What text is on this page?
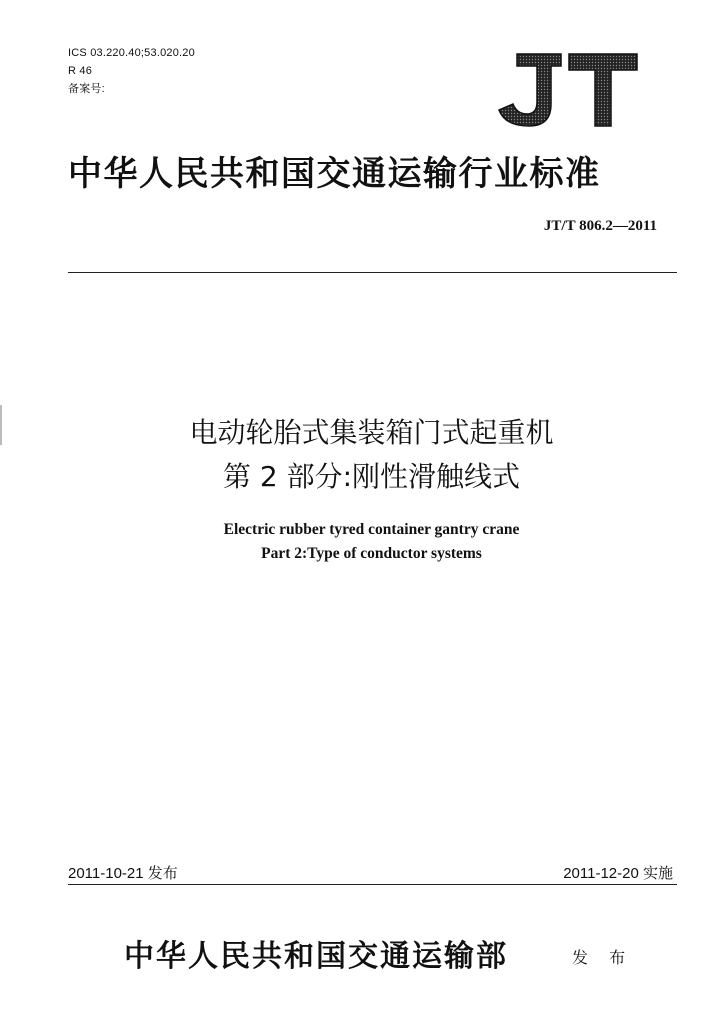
ICS 03.220.40;53.020.20
R 46
备案号:
中华人民共和国交通运输行业标准
JT/T 806.2—2011
电动轮胎式集装箱门式起重机
第 2 部分:刚性滑触线式
Electric rubber tyred container gantry crane
Part 2:Type of conductor systems
2011-10-21 发布	2011-12-20 实施
中华人民共和国交通运输部	发 布
